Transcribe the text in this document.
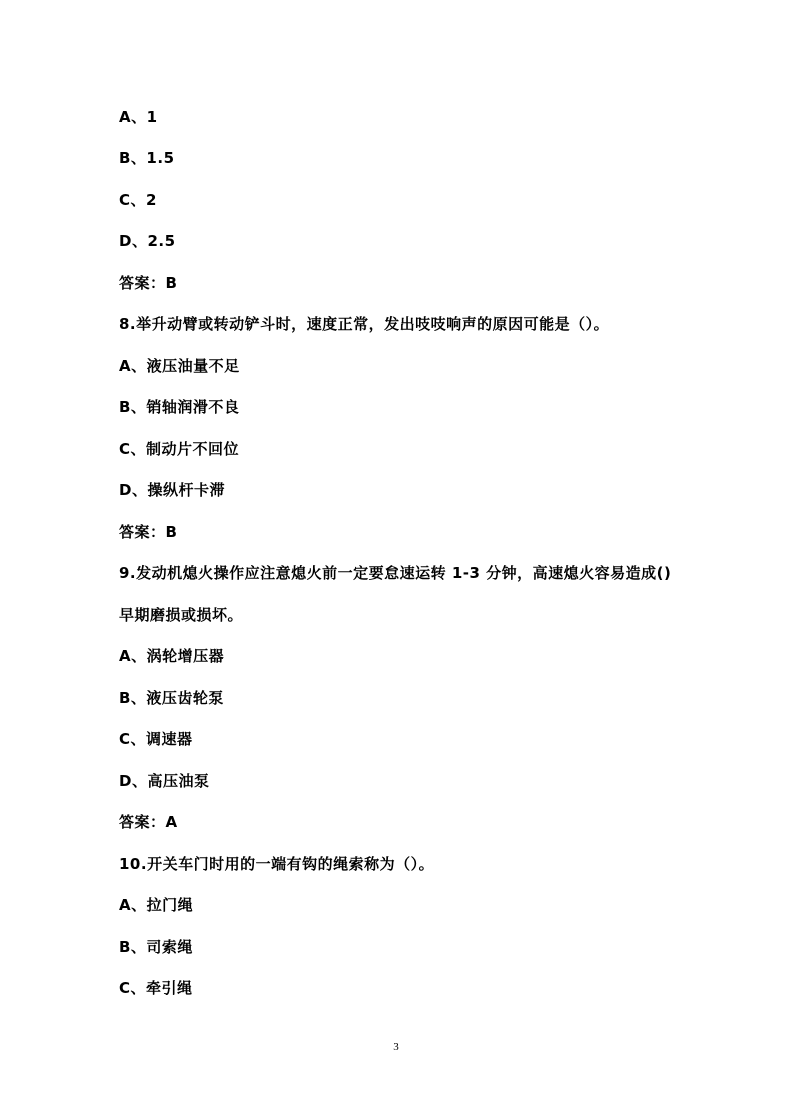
A、1
B、1.5
C、2
D、2.5
答案：B
8.举升动臂或转动铲斗时，速度正常，发出吱吱响声的原因可能是（）。
A、液压油量不足
B、销轴润滑不良
C、制动片不回位
D、操纵杆卡滞
答案：B
9.发动机熄火操作应注意熄火前一定要怠速运转 1-3 分钟，高速熄火容易造成()
早期磨损或损坏。
A、涡轮增压器
B、液压齿轮泵
C、调速器
D、高压油泵
答案：A
10.开关车门时用的一端有钩的绳索称为（）。
A、拉门绳
B、司索绳
C、牵引绳
3
